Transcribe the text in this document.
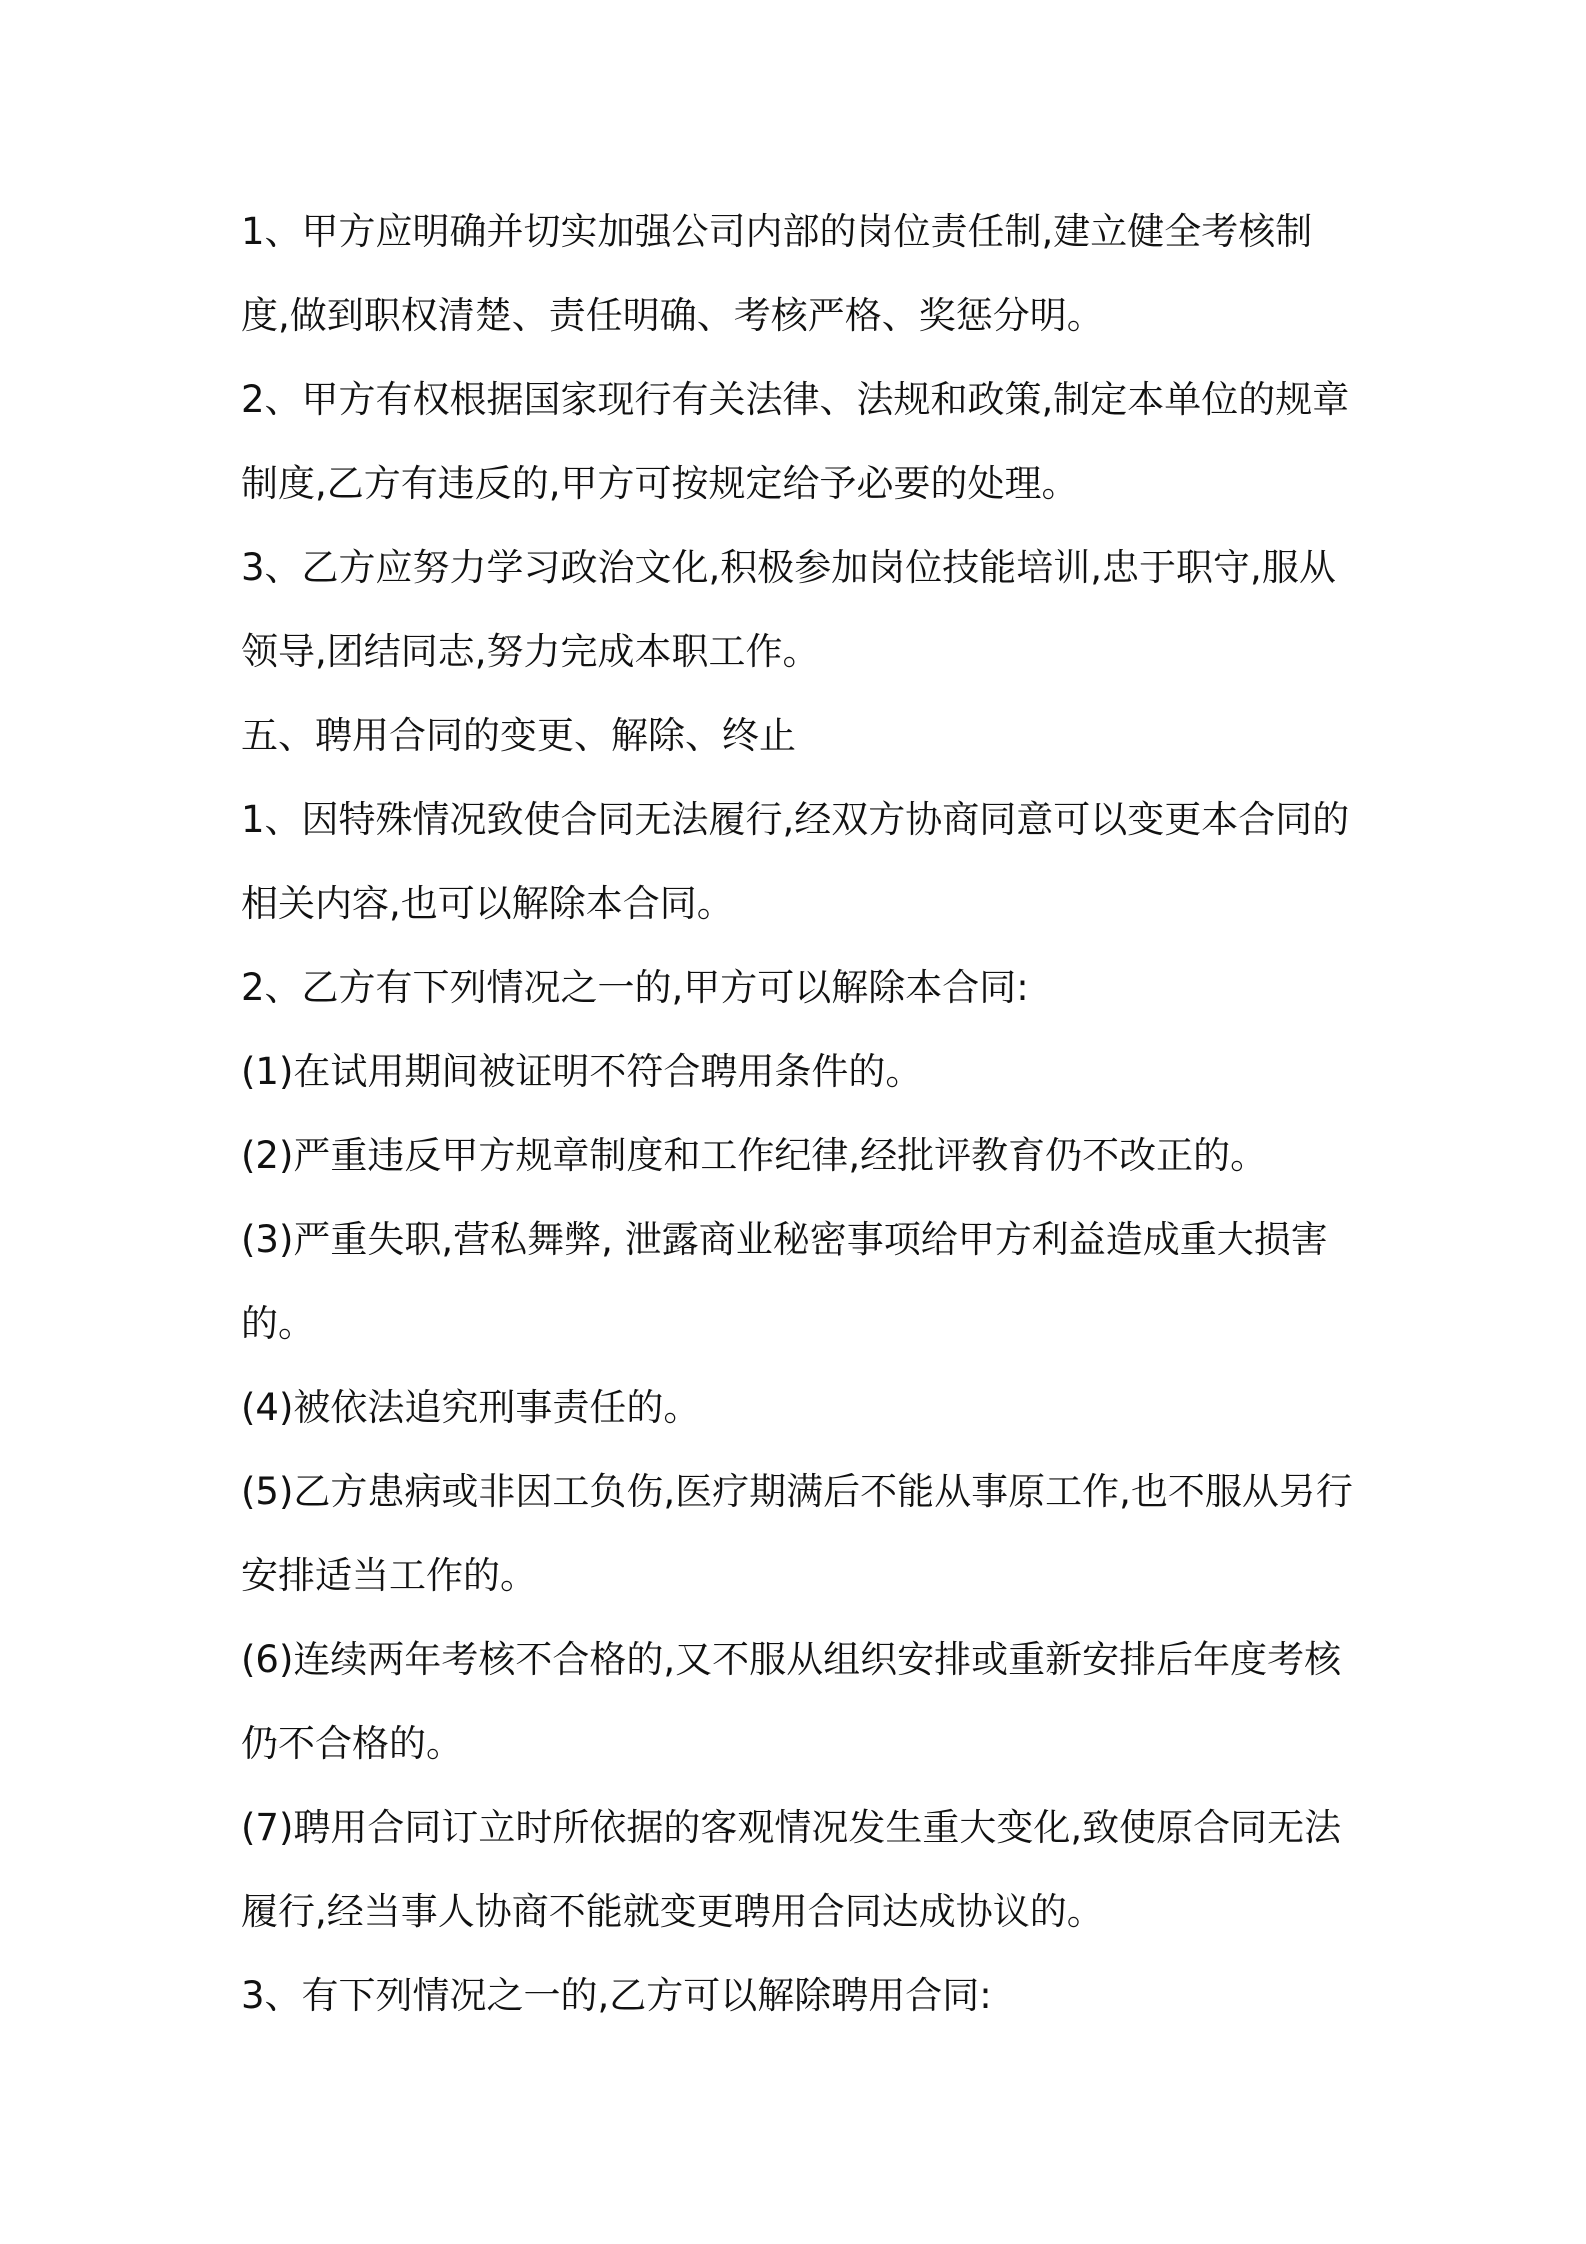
1、甲方应明确并切实加强公司内部的岗位责任制,建立健全考核制度,做到职权清楚、责任明确、考核严格、奖惩分明。

2、甲方有权根据国家现行有关法律、法规和政策,制定本单位的规章制度,乙方有违反的,甲方可按规定给予必要的处理。

3、乙方应努力学习政治文化,积极参加岗位技能培训,忠于职守,服从领导,团结同志,努力完成本职工作。

五、聘用合同的变更、解除、终止

1、因特殊情况致使合同无法履行,经双方协商同意可以变更本合同的相关内容,也可以解除本合同。

2、乙方有下列情况之一的,甲方可以解除本合同:

(1)在试用期间被证明不符合聘用条件的。

(2)严重违反甲方规章制度和工作纪律,经批评教育仍不改正的。

(3)严重失职,营私舞弊, 泄露商业秘密事项给甲方利益造成重大损害的。

(4)被依法追究刑事责任的。

(5)乙方患病或非因工负伤,医疗期满后不能从事原工作,也不服从另行安排适当工作的。

(6)连续两年考核不合格的,又不服从组织安排或重新安排后年度考核仍不合格的。

(7)聘用合同订立时所依据的客观情况发生重大变化,致使原合同无法履行,经当事人协商不能就变更聘用合同达成协议的。

3、有下列情况之一的,乙方可以解除聘用合同:
